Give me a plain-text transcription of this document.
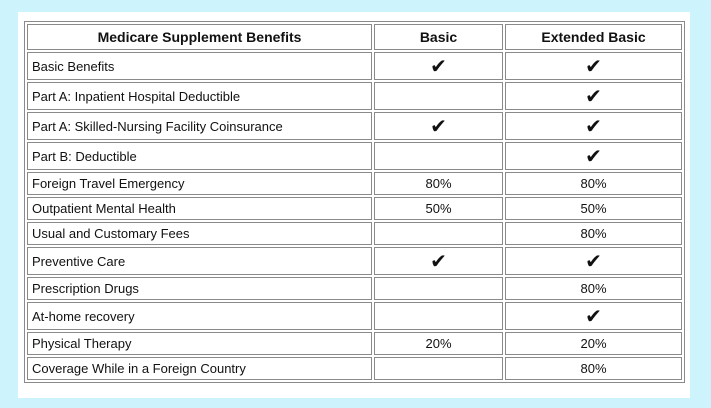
Medicare Supplement Benefits	Basic	Extended Basic
Basic Benefits	✔	✔
Part A: Inpatient Hospital Deductible		✔
Part A: Skilled-Nursing Facility Coinsurance	✔	✔
Part B: Deductible		✔
Foreign Travel Emergency	80%	80%
Outpatient Mental Health	50%	50%
Usual and Customary Fees		80%
Preventive Care	✔	✔
Prescription Drugs		80%
At-home recovery		✔
Physical Therapy	20%	20%
Coverage While in a Foreign Country		80%
